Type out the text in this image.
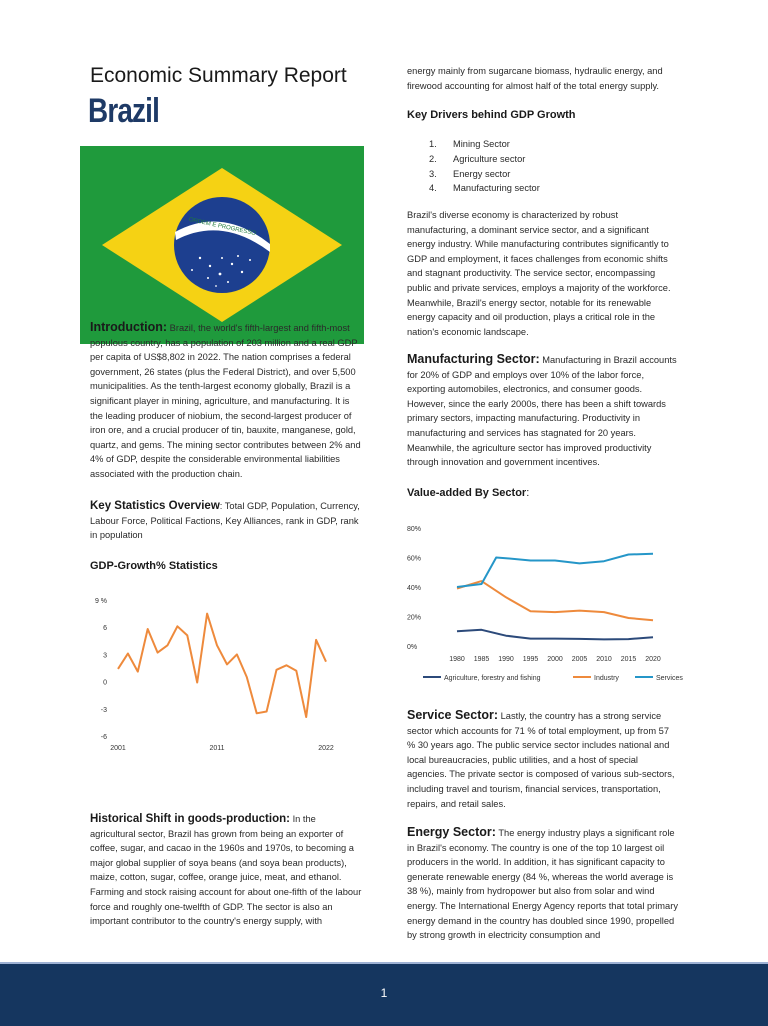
Economic Summary Report
Brazil
ORDEM E PROGRESSO
Introduction: Brazil, the world's fifth-largest and fifth-most populous country, has a population of 203 million and a real GDP per capita of US$8,802 in 2022. The nation comprises a federal government, 26 states (plus the Federal District), and over 5,500 municipalities. As the tenth-largest economy globally, Brazil is a significant player in mining, agriculture, and manufacturing. It is the leading producer of niobium, the second-largest producer of iron ore, and a crucial producer of tin, bauxite, manganese, gold, quartz, and gems. The mining sector contributes between 2% and 4% of GDP, despite the considerable environmental liabilities associated with the production chain.
Key Statistics Overview: Total GDP, Population, Currency, Labour Force, Political Factions, Key Alliances, rank in GDP, rank in population
GDP-Growth% Statistics
9 %
6
3
0
-3
-6
2001	2011	2022
Historical Shift in goods-production: In the agricultural sector, Brazil has grown from being an exporter of coffee, sugar, and cacao in the 1960s and 1970s, to becoming a major global supplier of soya beans (and soya bean products), maize, cotton, sugar, coffee, orange juice, meat, and ethanol. Farming and stock raising account for about one-fifth of the labour force and roughly one-twelfth of GDP. The sector is also an important contributor to the country's energy supply, with
energy mainly from sugarcane biomass, hydraulic energy, and firewood accounting for almost half of the total energy supply.
Key Drivers behind GDP Growth
1. Mining Sector
2. Agriculture sector
3. Energy sector
4. Manufacturing sector
Brazil's diverse economy is characterized by robust manufacturing, a dominant service sector, and a significant energy industry. While manufacturing contributes significantly to GDP and employment, it faces challenges from economic shifts and stagnant productivity. The service sector, encompassing public and private services, employs a majority of the workforce. Meanwhile, Brazil's energy sector, notable for its renewable energy capacity and oil production, plays a critical role in the nation's economic landscape.
Manufacturing Sector: Manufacturing in Brazil accounts for 20% of GDP and employs over 10% of the labor force, exporting automobiles, electronics, and consumer goods. However, since the early 2000s, there has been a shift towards primary sectors, impacting manufacturing. Productivity in manufacturing and services has stagnated for 20 years. Meanwhile, the agriculture sector has improved productivity through innovation and government incentives.
Value-added By Sector:
80%
60%
40%
20%
0%
1980 1985 1990 1995 2000 2005 2010 2015 2020
Agriculture, forestry and fishing	Industry	Services
Service Sector: Lastly, the country has a strong service sector which accounts for 71 % of total employment, up from 57 % 30 years ago. The public service sector includes national and local bureaucracies, public utilities, and a host of special agencies. The private sector is composed of various sub-sectors, including travel and tourism, financial services, transportation, repairs, and retail sales.
Energy Sector: The energy industry plays a significant role in Brazil's economy. The country is one of the top 10 largest oil producers in the world. In addition, it has significant capacity to generate renewable energy (84 %, whereas the world average is 38 %), mainly from hydropower but also from solar and wind energy. The International Energy Agency reports that total primary energy demand in the country has doubled since 1990, propelled by strong growth in electricity consumption and
1
